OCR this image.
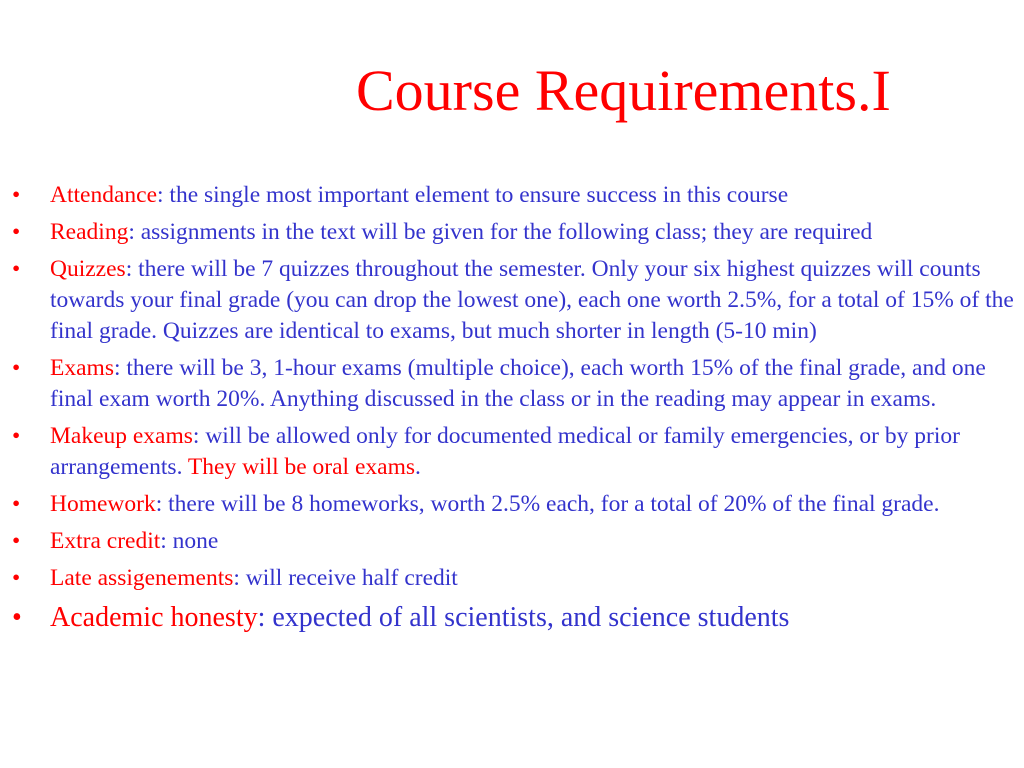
Course Requirements.I
• Attendance: the single most important element to ensure success in this course
• Reading: assignments in the text will be given for the following class; they are required
• Quizzes: there will be 7 quizzes throughout the semester. Only your six highest quizzes will counts towards your final grade (you can drop the lowest one), each one worth 2.5%, for a total of 15% of the final grade. Quizzes are identical to exams, but much shorter in length (5-10 min)
• Exams: there will be 3, 1-hour exams (multiple choice), each worth 15% of the final grade, and one final exam worth 20%. Anything discussed in the class or in the reading may appear in exams.
• Makeup exams: will be allowed only for documented medical or family emergencies, or by prior arrangements. They will be oral exams.
• Homework: there will be 8 homeworks, worth 2.5% each, for a total of 20% of the final grade.
• Extra credit: none
• Late assigenements: will receive half credit
• Academic honesty: expected of all scientists, and science students
